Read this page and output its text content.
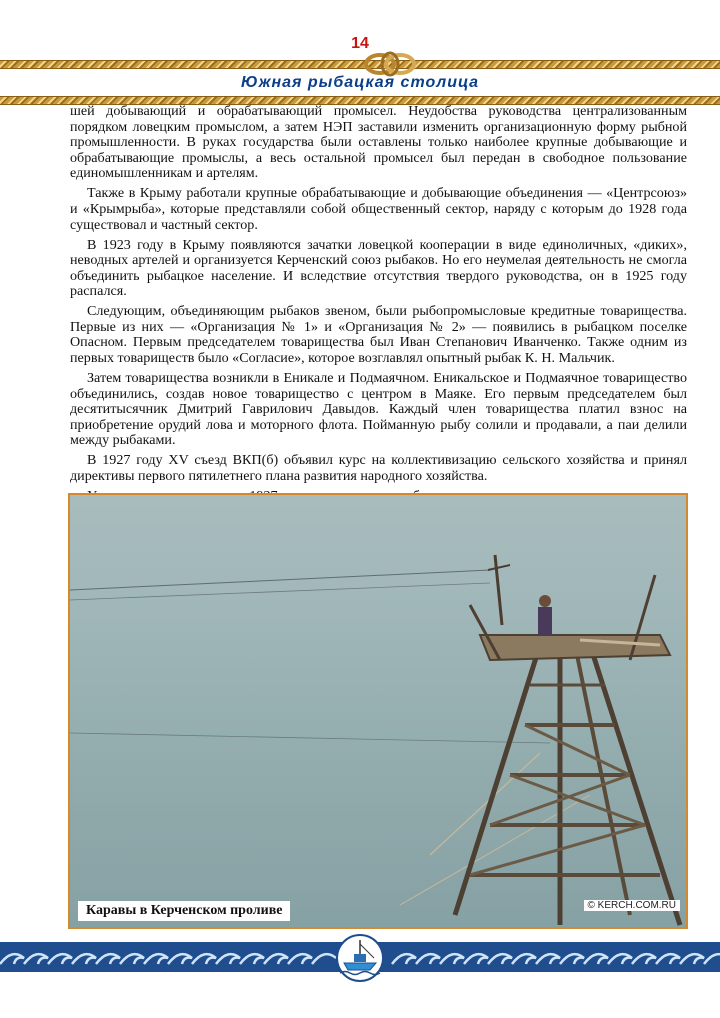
14
Южная рыбацкая столица

шей добывающий и обрабатывающий промысел. Неудобства руководства централизованным порядком ловецким промыслом, а затем НЭП заставили изменить организационную форму рыбной промышленности. В руках государства были оставлены только наиболее крупные добывающие и обрабатывающие промыслы, а весь остальной промысел был передан в свободное пользование единомышленникам и артелям.

Также в Крыму работали крупные обрабатывающие и добывающие объединения — «Центрсоюз» и «Крымрыба», которые представляли собой общественный сектор, наряду с которым до 1928 года существовал и частный сектор.

В 1923 году в Крыму появляются зачатки ловецкой кооперации в виде единоличных, «диких», неводных артелей и организуется Керченский союз рыбаков. Но его неумелая деятельность не смогла объединить рыбацкое население. И вследствие отсутствия твердого руководства, он в 1925 году распался.

Следующим, объединяющим рыбаков звеном, были рыбопромысловые кредитные товарищества. Первые из них — «Организация № 1» и «Организация № 2» — появились в рыбацком поселке Опасном. Первым председателем товарищества был Иван Степанович Иванченко. Также одним из первых товариществ было «Согласие», которое возглавлял опытный рыбак К. Н. Мальчик.

Затем товарищества возникли в Еникале и Подмаячном. Еникальское и Подмаячное товарищество объединились, создав новое товарищество с центром в Маяке. Его первым председателем был десятитысячник Дмитрий Гаврилович Давыдов. Каждый член товарищества платил взнос на приобретение орудий лова и моторного флота. Пойманную рыбу солили и продавали, а паи делили между рыбаками.

В 1927 году XV съезд ВКП(б) объявил курс на коллективизацию сельского хозяйства и принял директивы первого пятилетнего плана развития народного хозяйства.

Каравы в Керченском проливе	© KERCH.COM.RU
